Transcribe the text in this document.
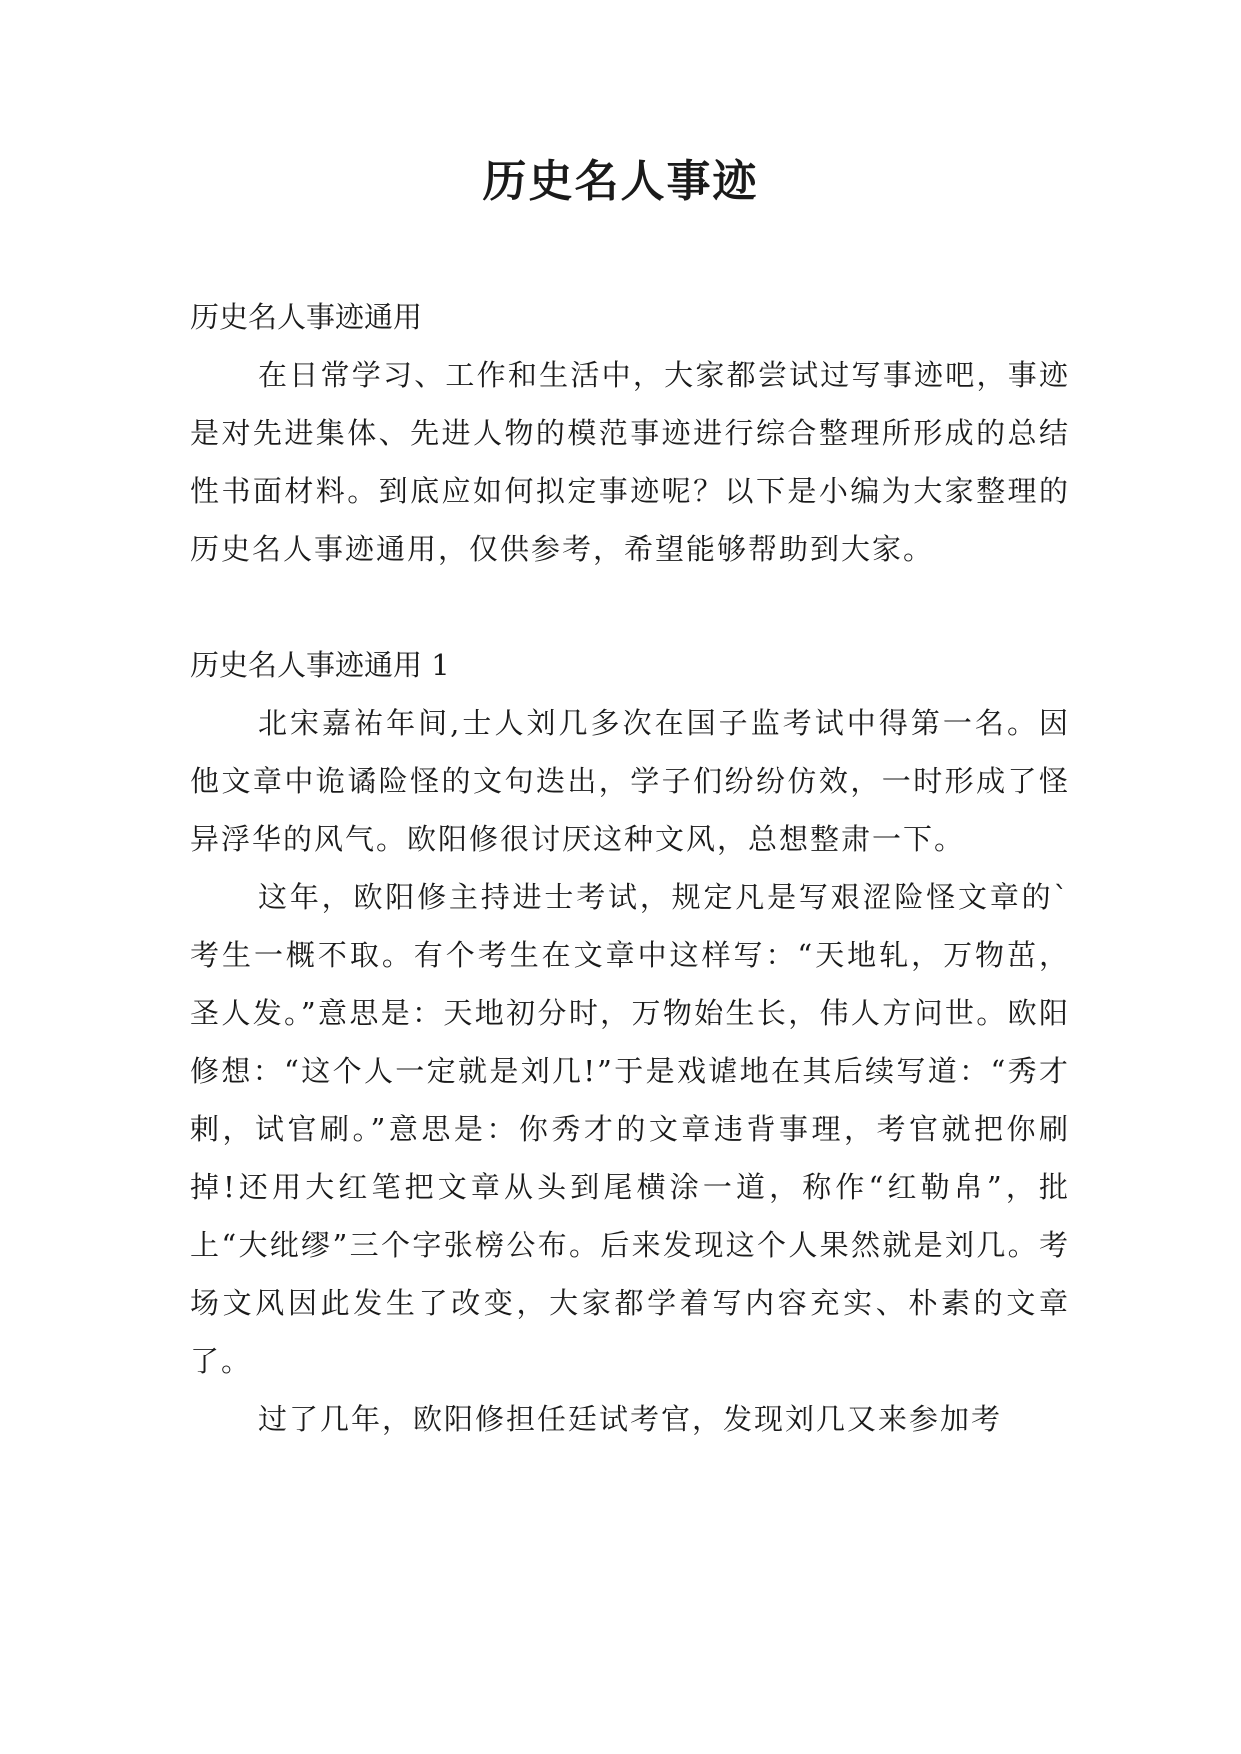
历史名人事迹

历史名人事迹通用

在日常学习、工作和生活中，大家都尝试过写事迹吧，事迹是对先进集体、先进人物的模范事迹进行综合整理所形成的总结性书面材料。到底应如何拟定事迹呢？以下是小编为大家整理的历史名人事迹通用，仅供参考，希望能够帮助到大家。

历史名人事迹通用 1

北宋嘉祐年间,士人刘几多次在国子监考试中得第一名。因他文章中诡谲险怪的文句迭出，学子们纷纷仿效，一时形成了怪异浮华的风气。欧阳修很讨厌这种文风，总想整肃一下。

这年，欧阳修主持进士考试，规定凡是写艰涩险怪文章的`考生一概不取。有个考生在文章中这样写：“天地轧，万物茁，圣人发。”意思是：天地初分时，万物始生长，伟人方问世。欧阳修想：“这个人一定就是刘几!”于是戏谑地在其后续写道：“秀才剌，试官刷。”意思是：你秀才的文章违背事理，考官就把你刷掉!还用大红笔把文章从头到尾横涂一道，称作“红勒帛”，批上“大纰缪”三个字张榜公布。后来发现这个人果然就是刘几。考场文风因此发生了改变，大家都学着写内容充实、朴素的文章了。

过了几年，欧阳修担任廷试考官，发现刘几又来参加考
